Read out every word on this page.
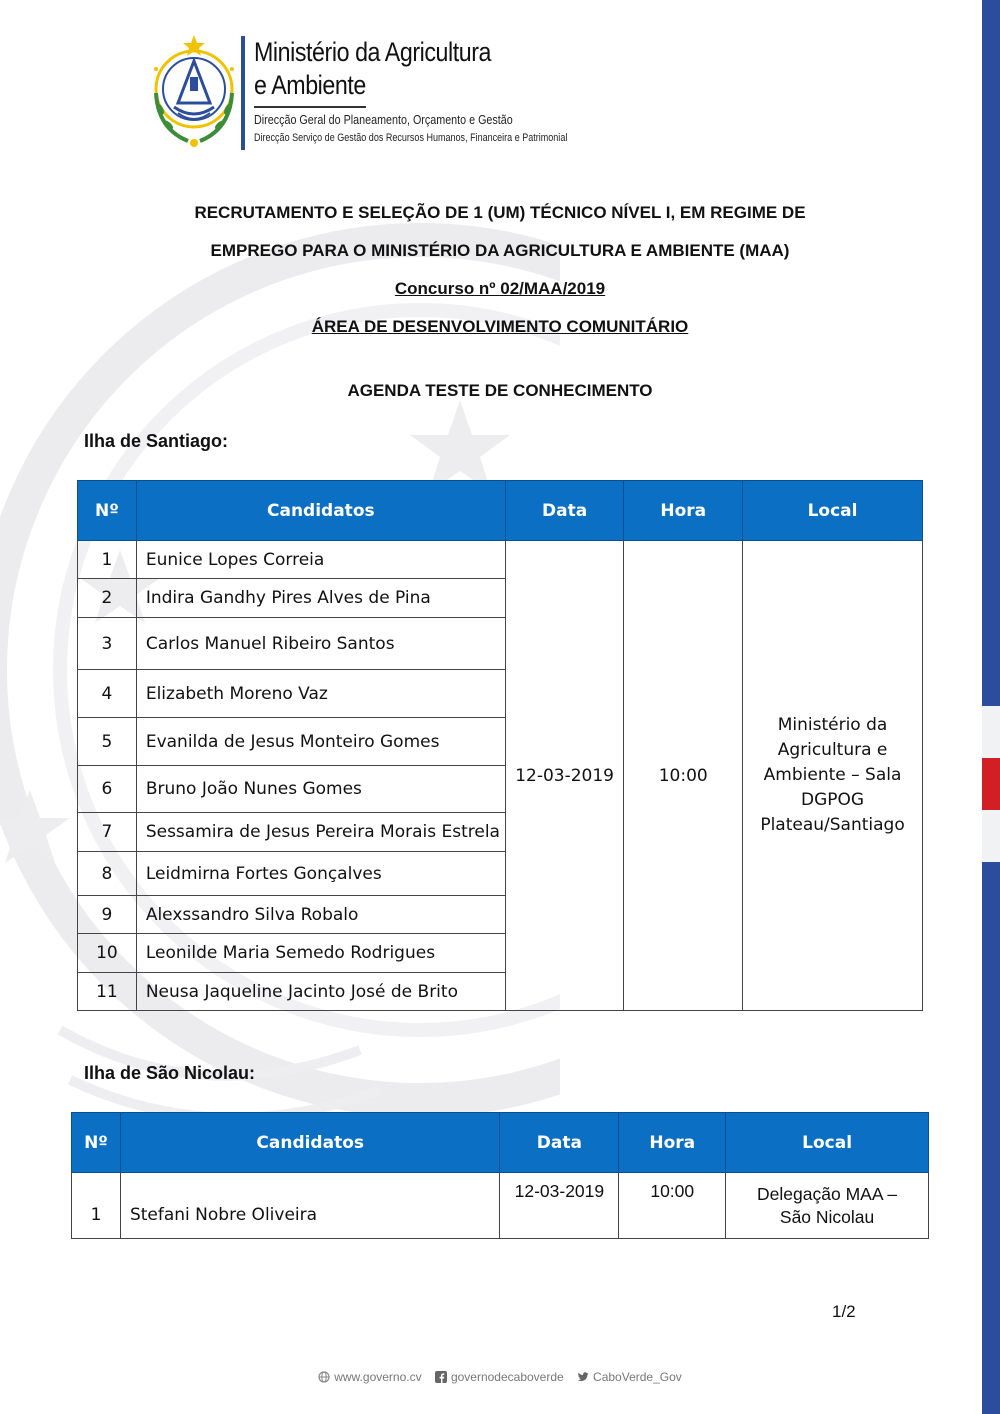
Ministério da Agricultura
e Ambiente
Direcção Geral do Planeamento, Orçamento e Gestão
Direcção Serviço de Gestão dos Recursos Humanos, Financeira e Patrimonial
RECRUTAMENTO E SELEÇÃO DE 1 (UM) TÉCNICO NÍVEL I, EM REGIME DE
EMPREGO PARA O MINISTÉRIO DA AGRICULTURA E AMBIENTE (MAA)
Concurso nº 02/MAA/2019
ÁREA DE DESENVOLVIMENTO COMUNITÁRIO
AGENDA TESTE DE CONHECIMENTO
Ilha de Santiago:
Nº	Candidatos	Data	Hora	Local
1	Eunice Lopes Correia	12-03-2019	10:00	Ministério da
Agricultura e
Ambiente – Sala
DGPOG
Plateau/Santiago

2	Indira Gandhy Pires Alves de Pina			
3	Carlos Manuel Ribeiro Santos			
4	Elizabeth Moreno Vaz			
5	Evanilda de Jesus Monteiro Gomes			
6	Bruno João Nunes Gomes			
7	Sessamira de Jesus Pereira Morais Estrela			
8	Leidmirna Fortes Gonçalves			
9	Alexssandro Silva Robalo			
10	Leonilde Maria Semedo Rodrigues			
11	Neusa Jaqueline Jacinto José de Brito			
Ilha de São Nicolau:
Nº	Candidatos	Data	Hora	Local
1	Stefani Nobre Oliveira	12-03-2019	10:00	Delegação MAA –
São Nicolau
1/2
www.governo.cv
governodecaboverde
CaboVerde_Gov
